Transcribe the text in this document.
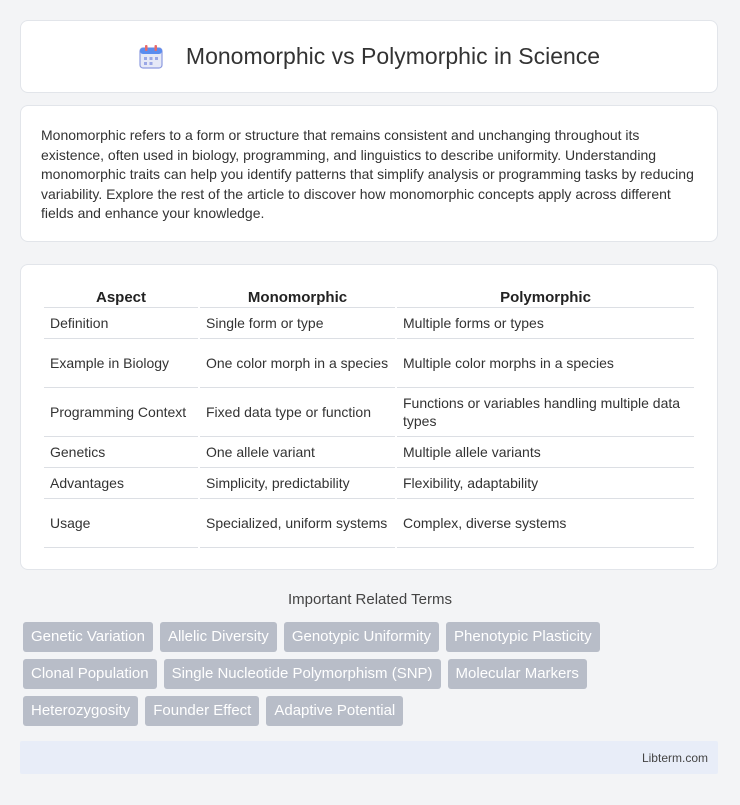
Monomorphic vs Polymorphic in Science

Monomorphic refers to a form or structure that remains consistent and unchanging throughout its existence, often used in biology, programming, and linguistics to describe uniformity. Understanding monomorphic traits can help you identify patterns that simplify analysis or programming tasks by reducing variability. Explore the rest of the article to discover how monomorphic concepts apply across different fields and enhance your knowledge.

Aspect	Monomorphic	Polymorphic
Definition	Single form or type	Multiple forms or types
Example in Biology	One color morph in a species	Multiple color morphs in a species
Programming Context	Fixed data type or function	Functions or variables handling multiple data types
Genetics	One allele variant	Multiple allele variants
Advantages	Simplicity, predictability	Flexibility, adaptability
Usage	Specialized, uniform systems	Complex, diverse systems
Important Related Terms
Genetic Variation	Allelic Diversity	Genotypic Uniformity	Phenotypic Plasticity
Clonal Population	Single Nucleotide Polymorphism (SNP)	Molecular Markers
Heterozygosity	Founder Effect	Adaptive Potential
Libterm.com
